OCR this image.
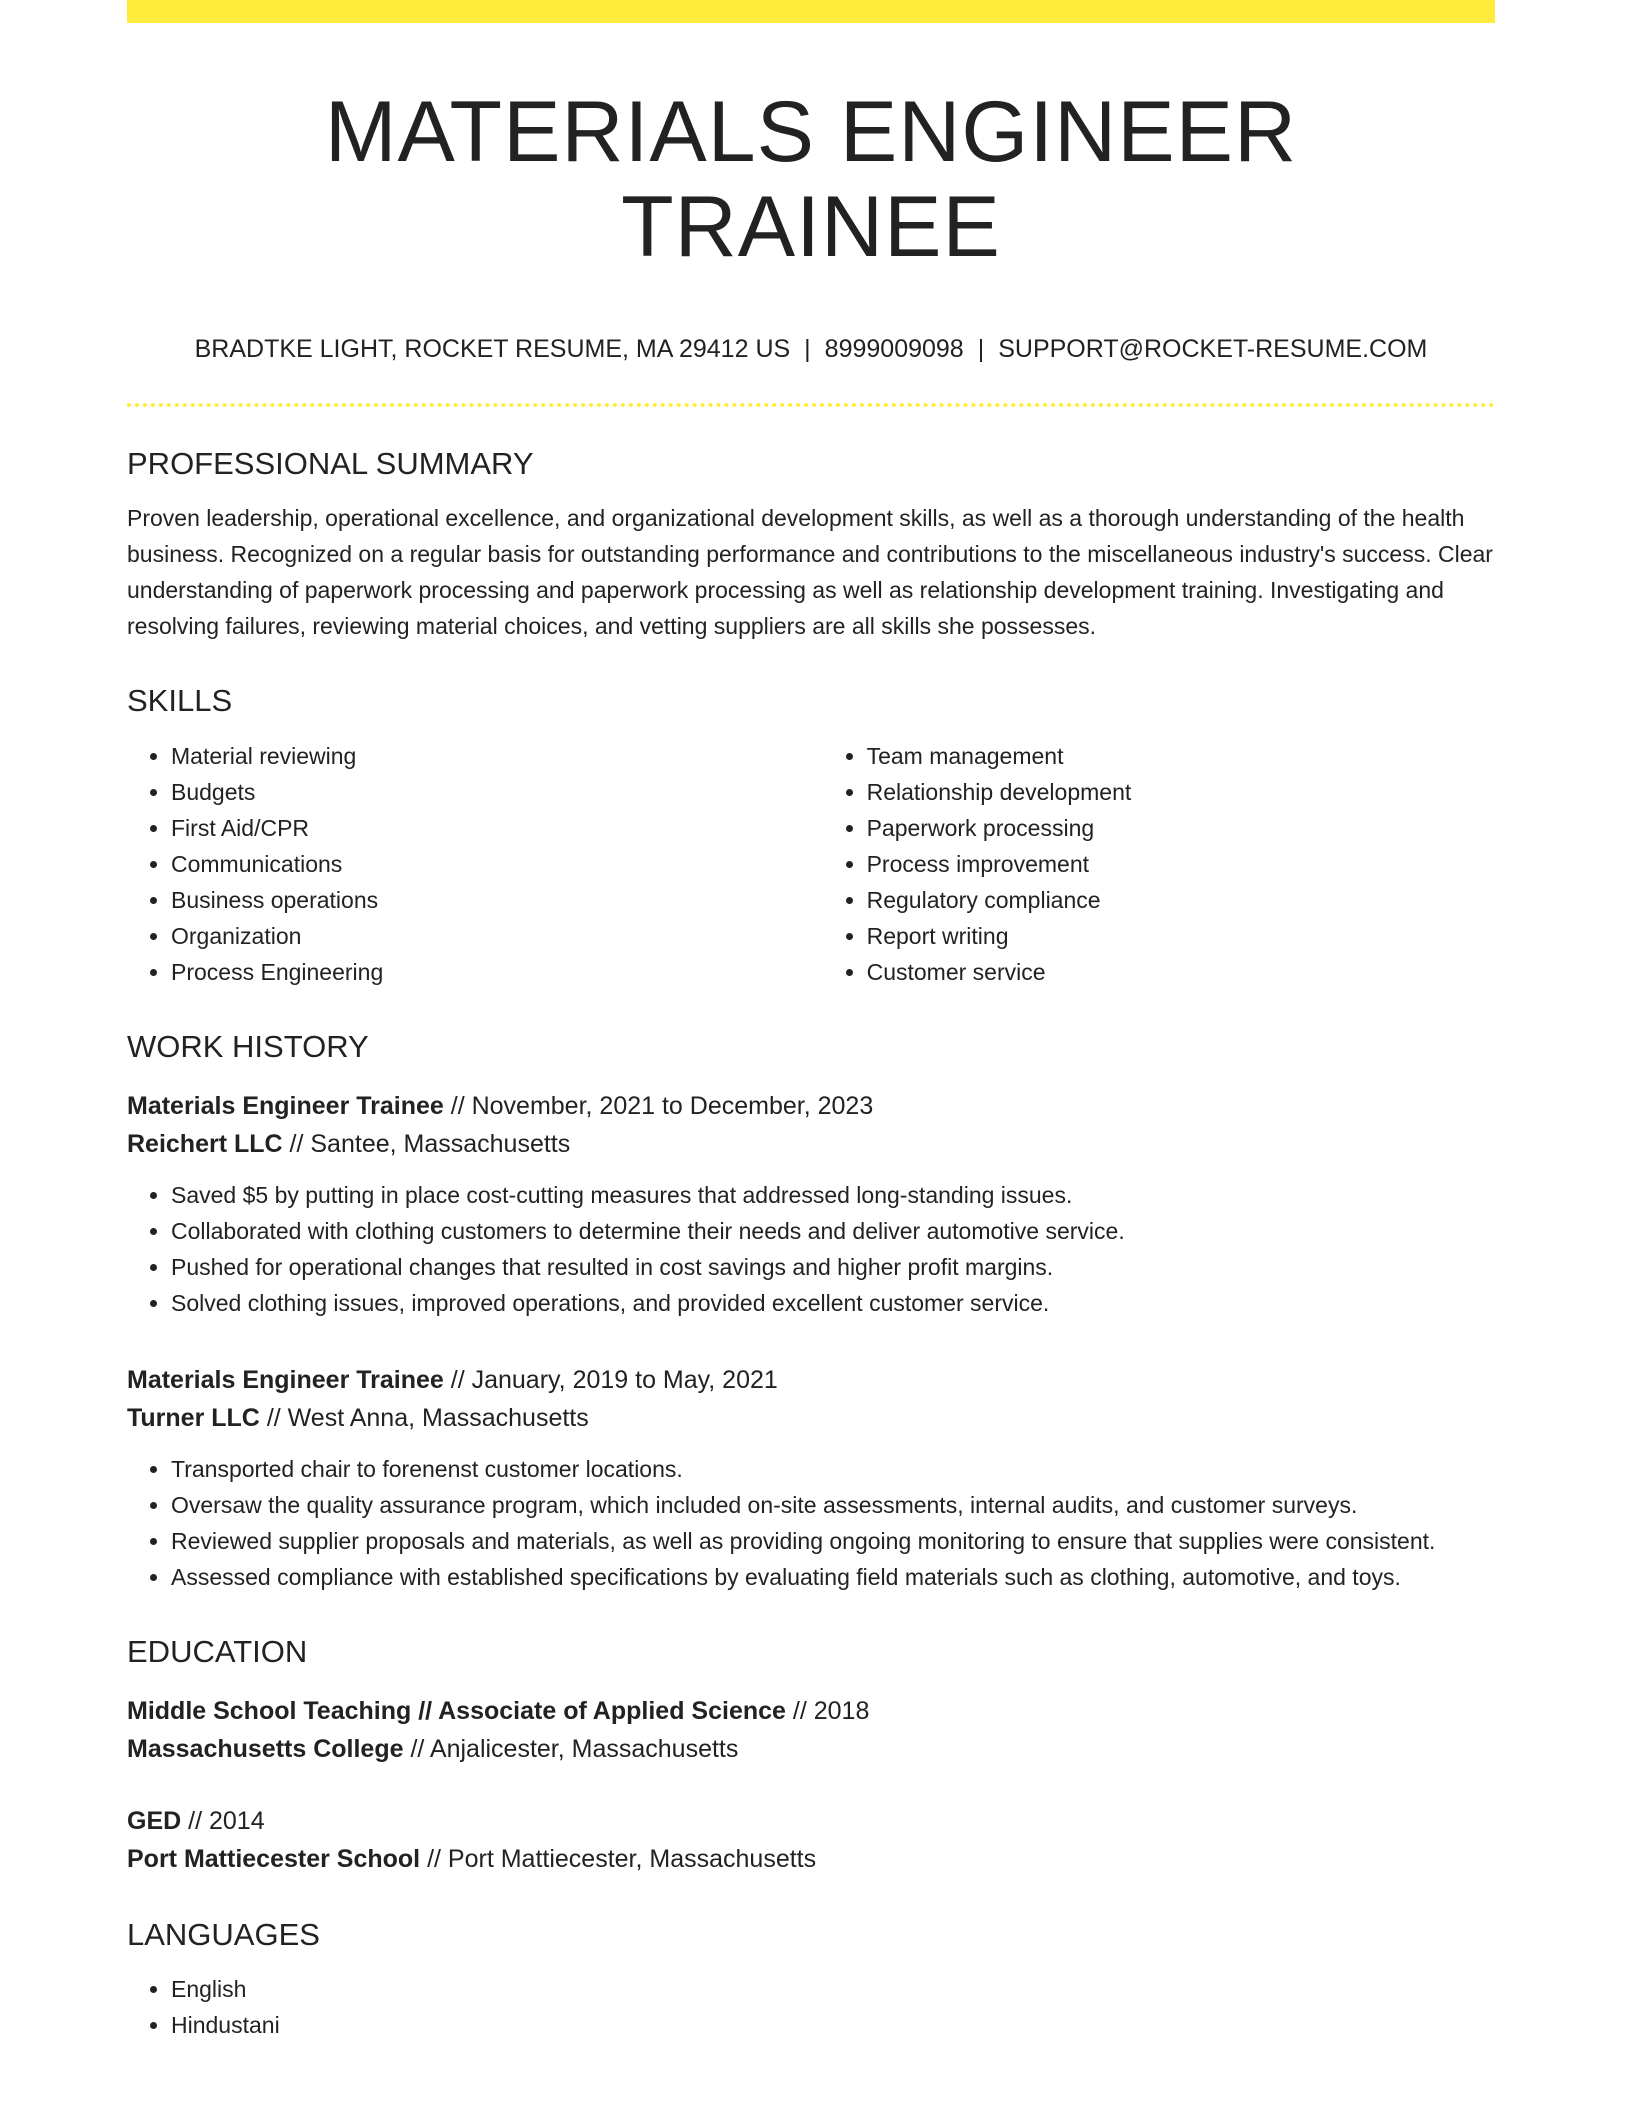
MATERIALS ENGINEER TRAINEE
BRADTKE LIGHT, ROCKET RESUME, MA 29412 US | 8999009098 | SUPPORT@ROCKET-RESUME.COM
PROFESSIONAL SUMMARY
Proven leadership, operational excellence, and organizational development skills, as well as a thorough understanding of the health business. Recognized on a regular basis for outstanding performance and contributions to the miscellaneous industry's success. Clear understanding of paperwork processing and paperwork processing as well as relationship development training. Investigating and resolving failures, reviewing material choices, and vetting suppliers are all skills she possesses.
SKILLS
• Material reviewing
• Budgets
• First Aid/CPR
• Communications
• Business operations
• Organization
• Process Engineering
• Team management
• Relationship development
• Paperwork processing
• Process improvement
• Regulatory compliance
• Report writing
• Customer service
WORK HISTORY
Materials Engineer Trainee // November, 2021 to December, 2023
Reichert LLC // Santee, Massachusetts
• Saved $5 by putting in place cost-cutting measures that addressed long-standing issues.
• Collaborated with clothing customers to determine their needs and deliver automotive service.
• Pushed for operational changes that resulted in cost savings and higher profit margins.
• Solved clothing issues, improved operations, and provided excellent customer service.
Materials Engineer Trainee // January, 2019 to May, 2021
Turner LLC // West Anna, Massachusetts
• Transported chair to forenenst customer locations.
• Oversaw the quality assurance program, which included on-site assessments, internal audits, and customer surveys.
• Reviewed supplier proposals and materials, as well as providing ongoing monitoring to ensure that supplies were consistent.
• Assessed compliance with established specifications by evaluating field materials such as clothing, automotive, and toys.
EDUCATION
Middle School Teaching // Associate of Applied Science // 2018
Massachusetts College // Anjalicester, Massachusetts
GED // 2014
Port Mattiecester School // Port Mattiecester, Massachusetts
LANGUAGES
• English
• Hindustani
